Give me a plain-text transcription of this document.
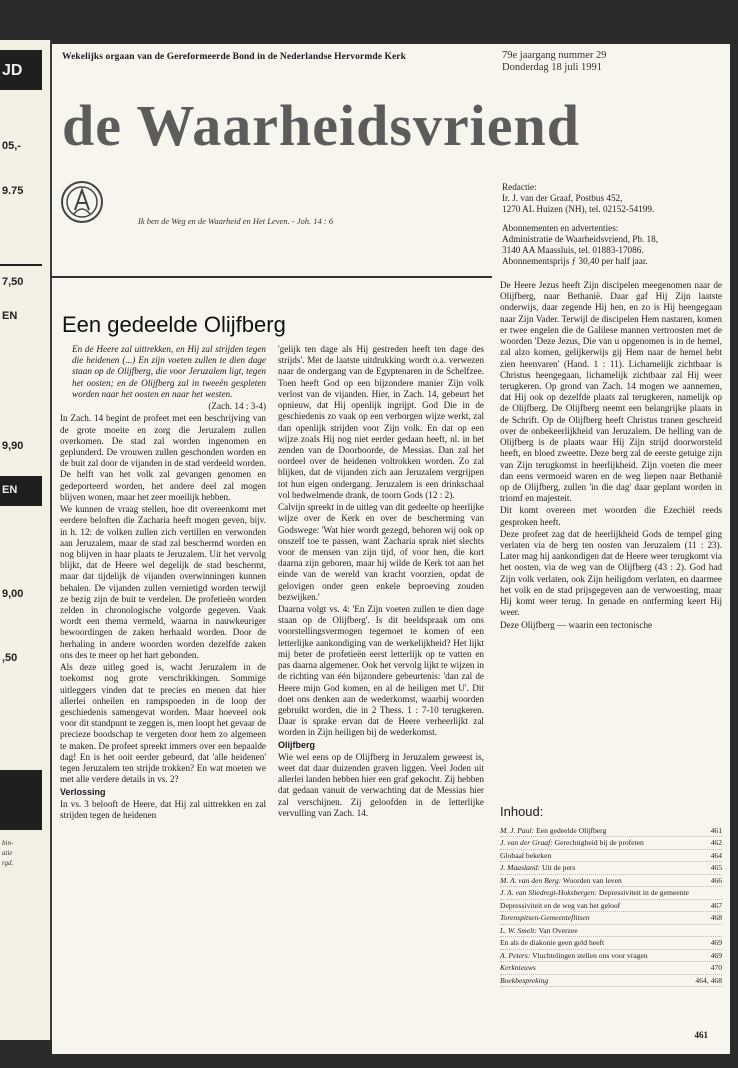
JD
05,-
9.75
7,50
EN
9,90
EN
9,00
,50
bin-
atie
rgd.
Wekelijks orgaan van de Gereformeerde Bond in de Nederlandse Hervormde Kerk	79e jaargang nummer 29
Donderdag 18 juli 1991
de Waarheidsvriend
Ik ben de Weg en de Waarheid en Het Leven. - Joh. 14 : 6
Redactie:
Ir. J. van der Graaf, Postbus 452,
1270 AL Huizen (NH), tel. 02152-54199.
Abonnementen en advertenties:
Administratie de Waarheidsvriend, Pb. 18,
3140 AA Maassluis, tel. 01883-17086.
Abonnementsprijs ƒ 30,40 per half jaar.
Een gedeelde Olijfberg

En de Heere zal uittrekken, en Hij zal strijden tegen die heidenen (...) En zijn voeten zullen te dien dage staan op de Olijfberg, die voor Jeruzalem ligt, tegen het oosten; en de Olijfberg zal in tweeën gespleten worden naar het oosten en naar het westen.

(Zach. 14 : 3-4)

In Zach. 14 begint de profeet met een beschrijving van de grote moeite en zorg die Jeruzalem zullen overkomen. De stad zal worden ingenomen en geplunderd. De vrouwen zullen geschonden worden en de buit zal door de vijanden in de stad verdeeld worden. De helft van het volk zal gevangen genomen en gedeporteerd worden, het andere deel zal mogen blijven wonen, maar het zeer moeilijk hebben.

We kunnen de vraag stellen, hoe dit overeenkomt met eerdere beloften die Zacharia heeft mogen geven, bijv. in h. 12: de volken zullen zich vertillen en verwonden aan Jeruzalem, maar de stad zal beschermd worden en nog blijven in haar plaats te Jeruzalem. Uit het vervolg blijkt, dat de Heere wel degelijk de stad beschermt, maar dat tijdelijk de vijanden overwinningen kunnen behalen. De vijanden zullen vernietigd worden terwijl ze bezig zijn de buit te verdelen. De profetieën worden zelden in chronologische volgorde gegeven. Vaak wordt een thema vermeld, waarna in nauwkeuriger bewoordingen de zaken herhaald worden. Door de herhaling in andere woorden worden dezelfde zaken ons des te meer op het hart gebonden.

Als deze uitleg goed is, wacht Jeruzalem in de toekomst nog grote verschrikkingen. Sommige uitleggers vinden dat te precies en menen dat hier allerlei onheilen en rampspoeden in de loop der geschiedenis samengevat worden. Maar hoeveel ook voor dit standpunt te zeggen is, men loopt het gevaar de precieze boodschap te vergeten door hem zo algemeen te maken. De profeet spreekt immers over een bepaalde dag! En is het ooit eerder gebeurd, dat 'alle heidenen' tegen Jeruzalem ten strijde trokken? En wat moeten we met alle verdere details in vs. 2?

Verlossing

In vs. 3 belooft de Heere, dat Hij zal uittrekken en zal strijden tegen de heidenen

'gelijk ten dage als Hij gestreden heeft ten dage des strijds'. Met de laatste uitdrukking wordt o.a. verwezen naar de ondergang van de Egyptenaren in de Schelfzee. Toen heeft God op een bijzondere manier Zijn volk verlost van de vijanden. Hier, in Zach. 14, gebeurt het opnieuw, dat Hij openlijk ingrijpt. God Die in de geschiedenis zo vaak op een verborgen wijze werkt, zal dan openlijk strijden voor Zijn volk. En dat op een wijze zoals Hij nog niet eerder gedaan heeft, nl. in het zenden van de Doorboorde, de Messias. Dan zal het oordeel over de heidenen voltrokken worden. Zo zal blijken, dat de vijanden zich aan Jeruzalem vergrijpen tot hun eigen ondergang. Jeruzalem is een drinkschaal vol bedwelmende drank, de toorn Gods (12 : 2).

Calvijn spreekt in de uitleg van dit gedeelte op heerlijke wijze over de Kerk en over de bescherming van Godswege: 'Wat hier wordt gezegd, behoren wij ook op onszelf toe te passen, want Zacharia sprak niet slechts voor de mensen van zijn tijd, of voor hen, die kort daarna zijn geboren, maar hij wilde de Kerk tot aan het einde van de wereld van kracht voorzien, opdat de gelovigen onder geen enkele beproeving zouden bezwijken.'

Daarna volgt vs. 4: 'En Zijn voeten zullen te dien dage staan op de Olijfberg'. Is dit beeldspraak om ons voorstellingsvermogen tegemoet te komen of een letterlijke aankondiging van de werkelijkheid? Het lijkt mij beter de profetieën eerst letterlijk op te vatten en pas daarna algemener. Ook het vervolg lijkt te wijzen in de richting van één bijzondere gebeurtenis: 'dan zal de Heere mijn God komen, en al de heiligen met U'. Dit doet ons denken aan de wederkomst, waarbij woorden gebruikt worden, die in 2 Thess. 1 : 7-10 terugkeren. Daar is sprake ervan dat de Heere verheerlijkt zal worden in Zijn heiligen bij de wederkomst.

Olijfberg

Wie wel eens op de Olijfberg in Jeruzalem geweest is, weet dat daar duizenden graven liggen. Veel Joden uit allerlei landen hebben hier een graf gekocht. Zij hebben dat gedaan vanuit de verwachting dat de Messias hier zal verschijnen. Zij geloofden in de letterlijke vervulling van Zach. 14.

De Heere Jezus heeft Zijn discipelen meegenomen naar de Olijfberg, naar Bethanië. Daar gaf Hij Zijn laatste onderwijs, daar zegende Hij hen, en zo is Hij heengegaan naar Zijn Vader. Terwijl de discipelen Hem nastaren, komen er twee engelen die de Galilese mannen vertroosten met de woorden 'Deze Jezus, Die van u opgenomen is in de hemel, zal alzo komen, gelijkerwijs gij Hem naar de hemel hebt zien heenvaren' (Hand. 1 : 11). Lichamelijk zichtbaar is Christus heengegaan, lichamelijk zichtbaar zal Hij weer terugkeren. Op grond van Zach. 14 mogen we aannemen, dat Hij ook op dezelfde plaats zal terugkeren, namelijk op de Olijfberg. De Olijfberg neemt een belangrijke plaats in de Schrift. Op de Olijfberg heeft Christus tranen geschreid over de onbekeerlijkheid van Jeruzalem. De helling van de Olijfberg is de plaats waar Hij Zijn strijd doorworsteld heeft, en bloed zweette. Deze berg zal de eerste getuige zijn van Zijn terugkomst in heerlijkheid. Zijn voeten die meer dan eens vermoeid waren en de weg liepen naar Bethanië op de Olijfberg, zullen 'in die dag' daar geplant worden in triomf en majesteit.

Dit komt overeen met woorden die Ezechiël reeds gesproken heeft.

Deze profeet zag dat de heerlijkheid Gods de tempel ging verlaten via de berg ten oosten van Jeruzalem (11 : 23). Later mag hij aankondigen dat de Heere weer terugkomt via het oosten, via de weg van de Olijfberg (43 : 2). God had Zijn volk verlaten, ook Zijn heiligdom verlaten, en daarmee het volk en de stad prijsgegeven aan de verwoesting, maar Hij komt weer terug. In genade en ontferming keert Hij weer.

Deze Olijfberg — waarin een tectonische

Inhoud:
M. J. Paul: Een gedeelde Olijfberg	461
J. van der Graaf: Gerechtigheid bij de profeten	462
Globaal bekeken	464
J. Maasland: Uit de pers	465
M. A. van den Berg: Woorden van leven	466
J. A. van Sliedregt-Hoksbergen: Depressiviteit in de gemeente
Depressiviteit en de weg van het geloof	467
Torenspitsen-Gemeenteflitsen	468
L. W. Smelt: Van Overzee
En als de diakonie geen geld heeft	469
A. Peters: Vluchtelingen stellen ons voor vragen	469
Kerknieuws	470
Boekbespreking	464, 468
461
